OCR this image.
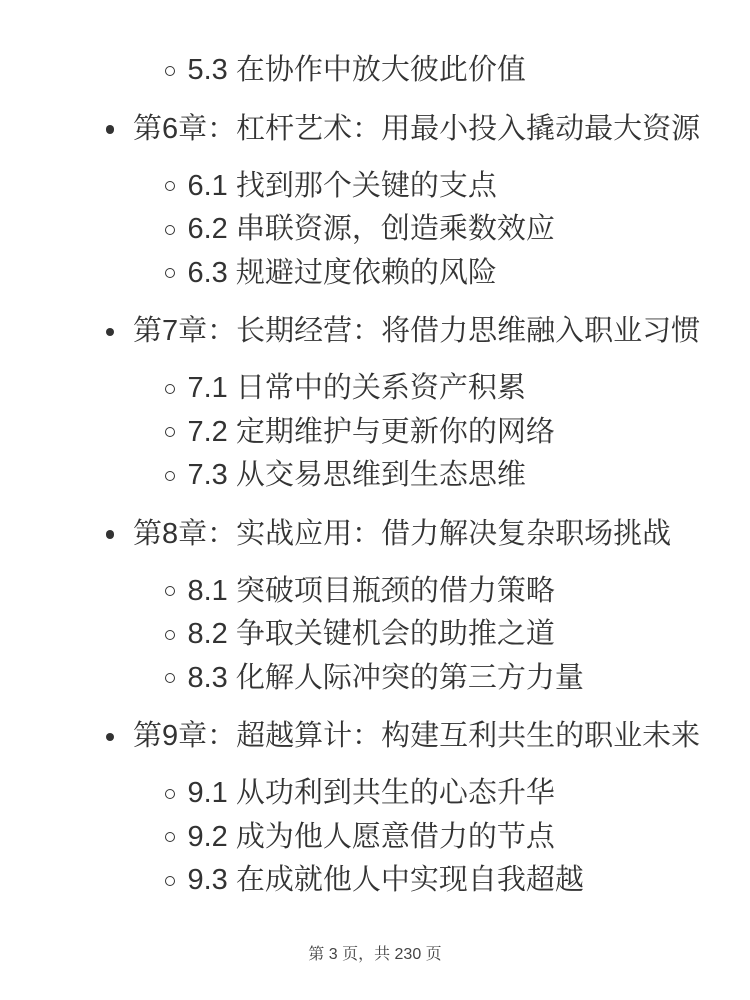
5.3 在协作中放大彼此价值
第6章：杠杆艺术：用最小投入撬动最大资源
6.1 找到那个关键的支点
6.2 串联资源，创造乘数效应
6.3 规避过度依赖的风险
第7章：长期经营：将借力思维融入职业习惯
7.1 日常中的关系资产积累
7.2 定期维护与更新你的网络
7.3 从交易思维到生态思维
第8章：实战应用：借力解决复杂职场挑战
8.1 突破项目瓶颈的借力策略
8.2 争取关键机会的助推之道
8.3 化解人际冲突的第三方力量
第9章：超越算计：构建互利共生的职业未来
9.1 从功利到共生的心态升华
9.2 成为他人愿意借力的节点
9.3 在成就他人中实现自我超越
第 3 页，共 230 页
